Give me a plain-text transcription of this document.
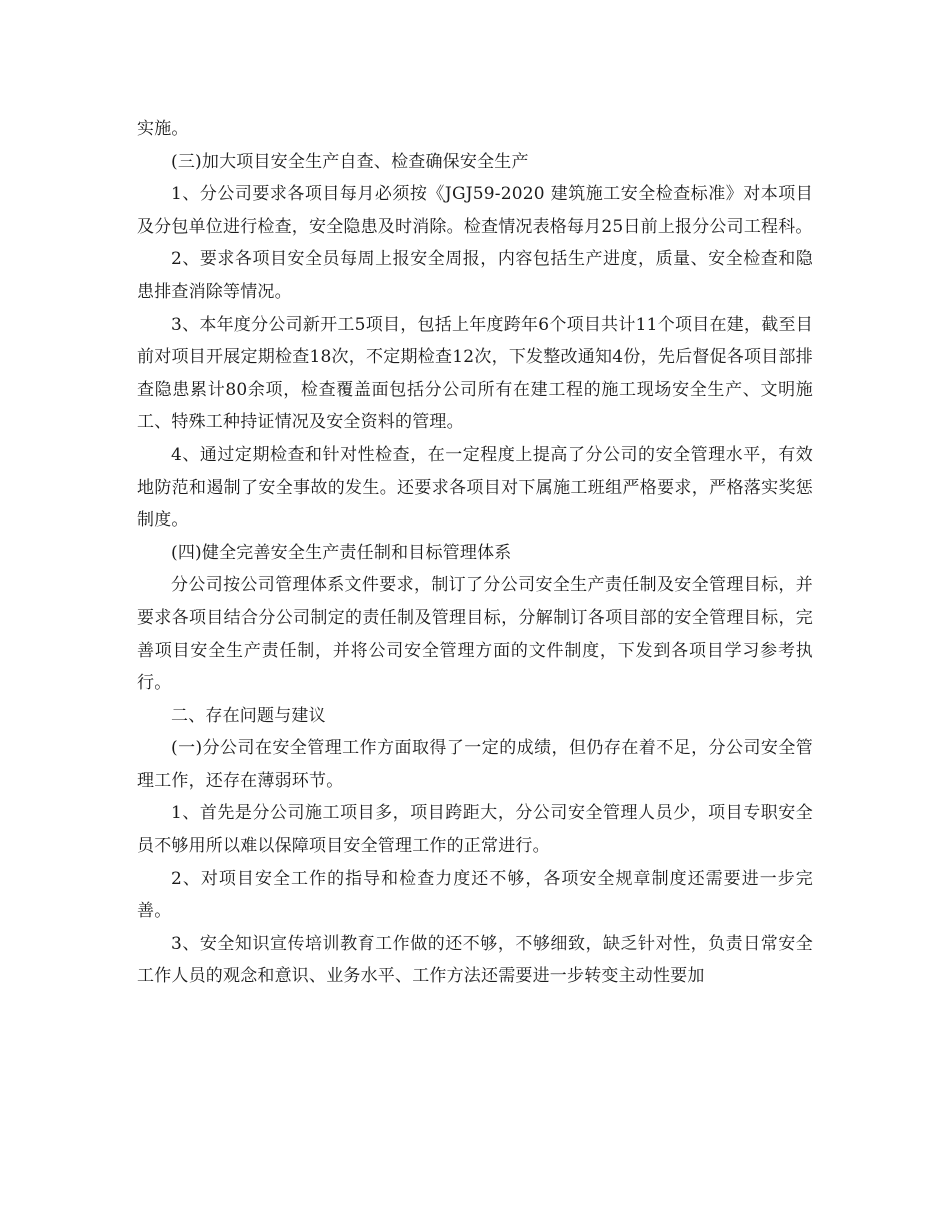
实施。

(三)加大项目安全生产自查、检查确保安全生产

1、分公司要求各项目每月必须按《JGJ59-2020 建筑施工安全检查标准》对本项目及分包单位进行检查，安全隐患及时消除。检查情况表格每月25日前上报分公司工程科。

2、要求各项目安全员每周上报安全周报，内容包括生产进度，质量、安全检查和隐患排查消除等情况。

3、本年度分公司新开工5项目，包括上年度跨年6个项目共计11个项目在建，截至目前对项目开展定期检查18次，不定期检查12次，下发整改通知4份，先后督促各项目部排查隐患累计80余项，检查覆盖面包括分公司所有在建工程的施工现场安全生产、文明施工、特殊工种持证情况及安全资料的管理。

4、通过定期检查和针对性检查，在一定程度上提高了分公司的安全管理水平，有效地防范和遏制了安全事故的发生。还要求各项目对下属施工班组严格要求，严格落实奖惩制度。

(四)健全完善安全生产责任制和目标管理体系

分公司按公司管理体系文件要求，制订了分公司安全生产责任制及安全管理目标，并要求各项目结合分公司制定的责任制及管理目标，分解制订各项目部的安全管理目标，完善项目安全生产责任制，并将公司安全管理方面的文件制度，下发到各项目学习参考执行。

二、存在问题与建议

(一)分公司在安全管理工作方面取得了一定的成绩，但仍存在着不足，分公司安全管理工作，还存在薄弱环节。

1、首先是分公司施工项目多，项目跨距大，分公司安全管理人员少，项目专职安全员不够用所以难以保障项目安全管理工作的正常进行。

2、对项目安全工作的指导和检查力度还不够，各项安全规章制度还需要进一步完善。

3、安全知识宣传培训教育工作做的还不够，不够细致，缺乏针对性，负责日常安全工作人员的观念和意识、业务水平、工作方法还需要进一步转变主动性要加
